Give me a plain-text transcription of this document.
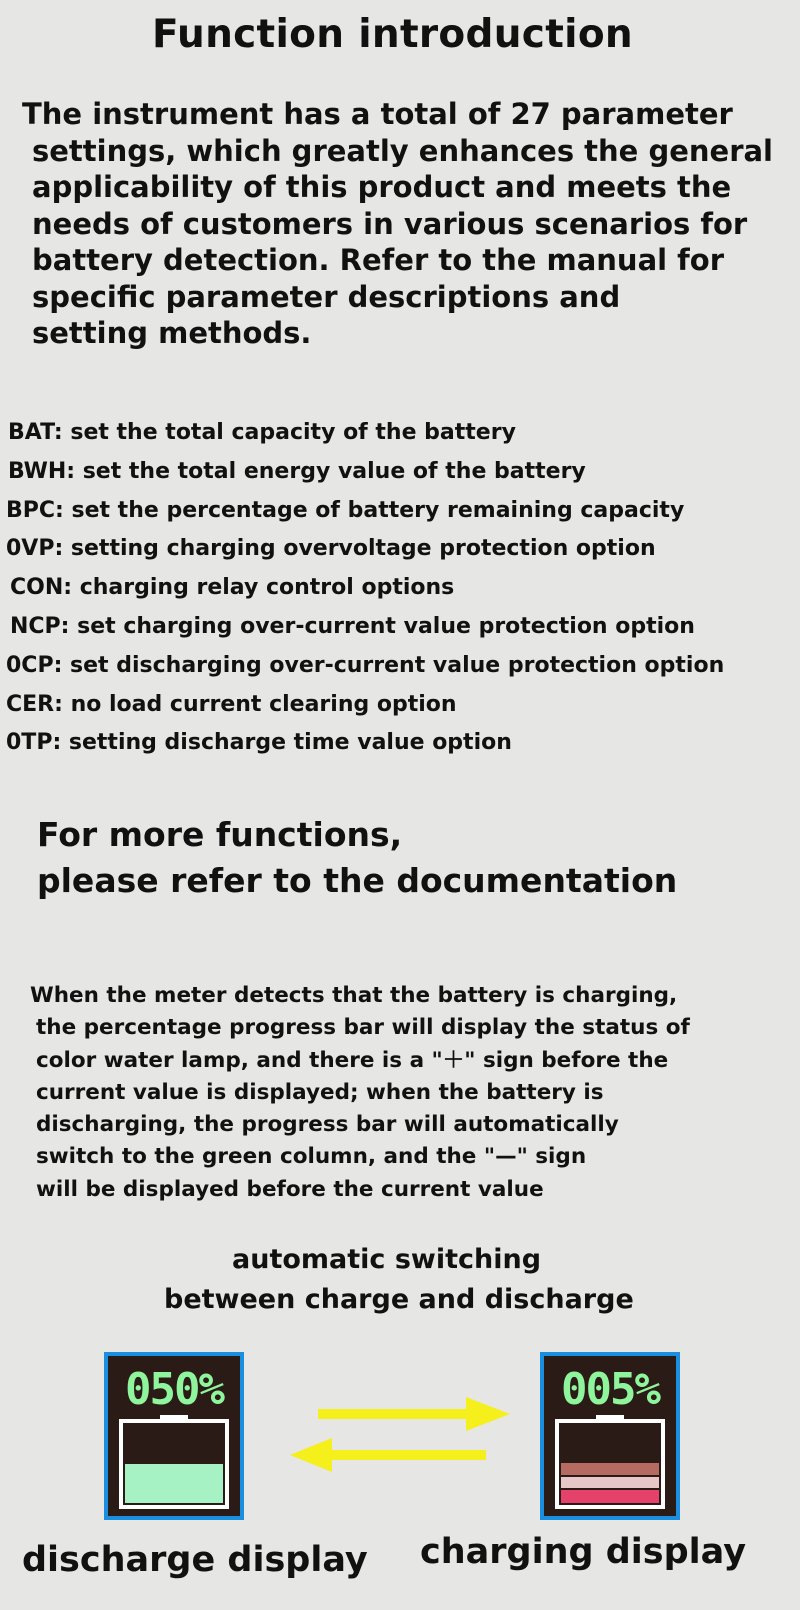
Function introduction
The instrument has a total of 27 parameter
settings, which greatly enhances the general
applicability of this product and meets the
needs of customers in various scenarios for
battery detection. Refer to the manual for
specific parameter descriptions and
setting methods.
BAT: set the total capacity of the battery
BWH: set the total energy value of the battery
BPC: set the percentage of battery remaining capacity
0VP: setting charging overvoltage protection option
CON: charging relay control options
NCP: set charging over-current value protection option
0CP: set discharging over-current value protection option
CER: no load current clearing option
0TP: setting discharge time value option
For more functions,
please refer to the documentation
When the meter detects that the battery is charging,
the percentage progress bar will display the status of
color water lamp, and there is a "＋" sign before the
current value is displayed; when the battery is
discharging, the progress bar will automatically
switch to the green column, and the "—" sign
will be displayed before the current value
automatic switching
between charge and discharge
050%	005%
discharge display charging display
